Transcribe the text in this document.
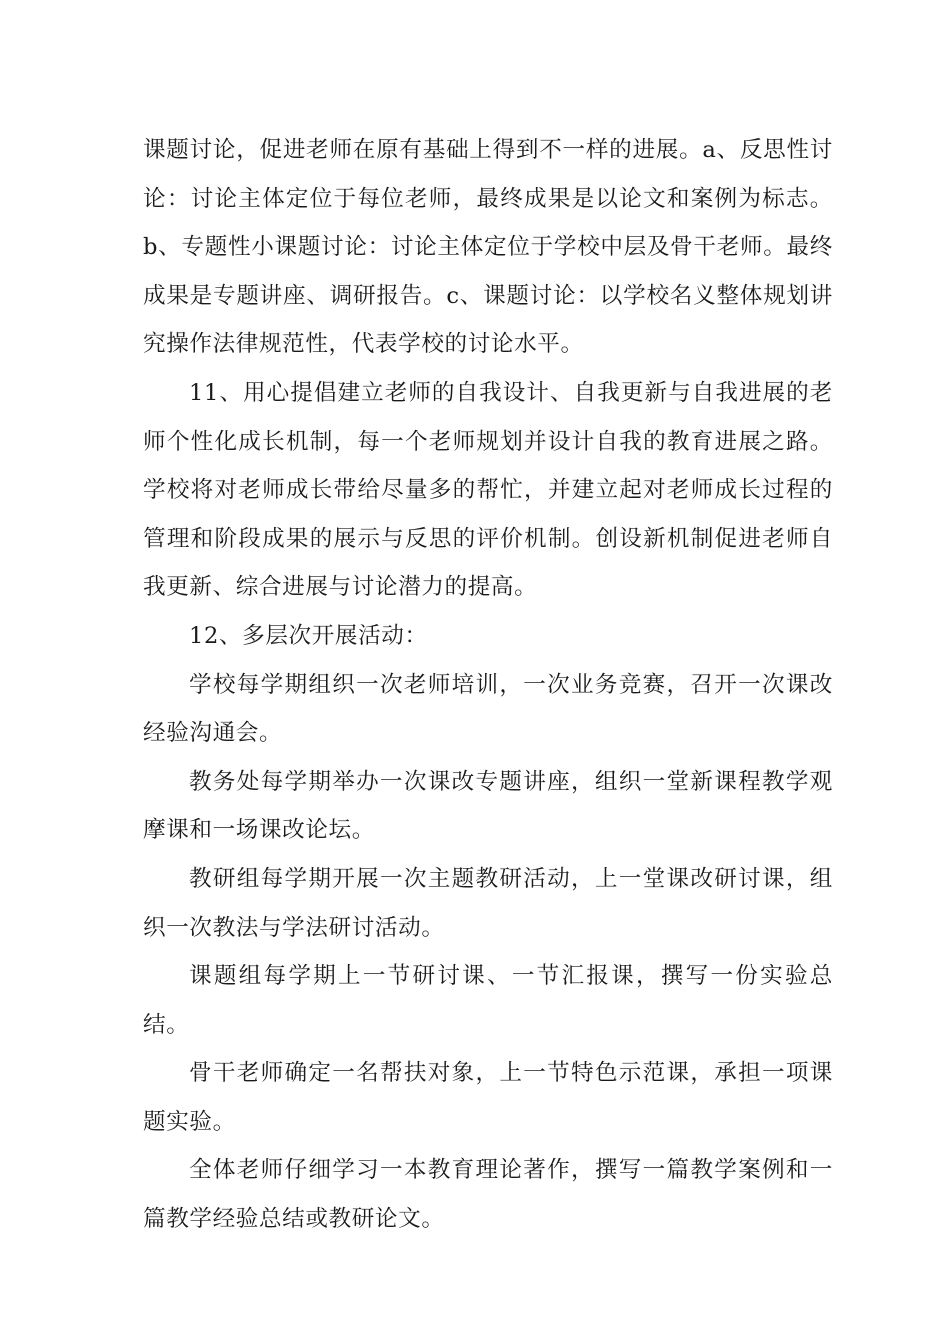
课题讨论，促进老师在原有基础上得到不一样的进展。a、反思性讨论：讨论主体定位于每位老师，最终成果是以论文和案例为标志。b、专题性小课题讨论：讨论主体定位于学校中层及骨干老师。最终成果是专题讲座、调研报告。c、课题讨论：以学校名义整体规划讲究操作法律规范性，代表学校的讨论水平。

11、用心提倡建立老师的自我设计、自我更新与自我进展的老师个性化成长机制，每一个老师规划并设计自我的教育进展之路。学校将对老师成长带给尽量多的帮忙，并建立起对老师成长过程的管理和阶段成果的展示与反思的评价机制。创设新机制促进老师自我更新、综合进展与讨论潜力的提高。

12、多层次开展活动：

学校每学期组织一次老师培训，一次业务竞赛，召开一次课改经验沟通会。

教务处每学期举办一次课改专题讲座，组织一堂新课程教学观摩课和一场课改论坛。

教研组每学期开展一次主题教研活动，上一堂课改研讨课，组织一次教法与学法研讨活动。

课题组每学期上一节研讨课、一节汇报课，撰写一份实验总结。

骨干老师确定一名帮扶对象，上一节特色示范课，承担一项课题实验。

全体老师仔细学习一本教育理论著作，撰写一篇教学案例和一篇教学经验总结或教研论文。
